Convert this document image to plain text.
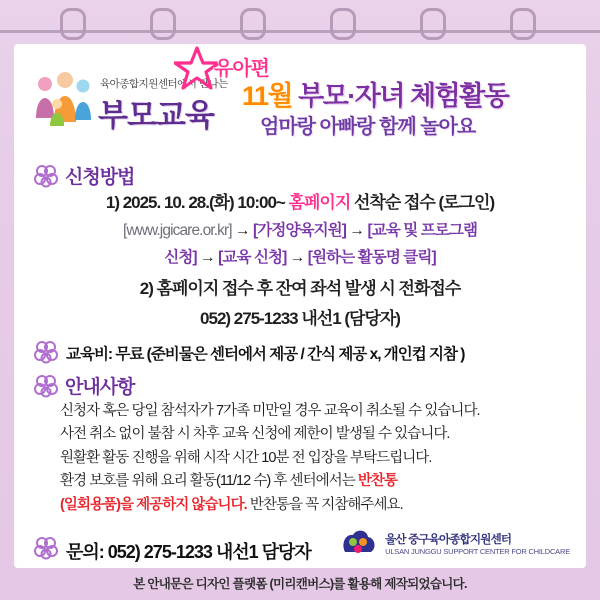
육아종합지원센터에서 만나는
부모교육
유아편
11월 부모·자녀 체험활동
엄마랑 아빠랑 함께 놀아요
신청방법
1) 2025. 10. 28.(화) 10:00~ 홈페이지 선착순 접수 (로그인)
[www.jgicare.or.kr] → [가정양육지원] → [교육 및 프로그램
신청] → [교육 신청] → [원하는 활동명 클릭]
2) 홈페이지 접수 후 잔여 좌석 발생 시 전화접수
052) 275-1233 내선1 (담당자)
교육비: 무료 (준비물은 센터에서 제공 / 간식 제공 x, 개인컵 지참 )
안내사항
신청자 혹은 당일 참석자가 7가족 미만일 경우 교육이 취소될 수 있습니다.
사전 취소 없이 불참 시 차후 교육 신청에 제한이 발생될 수 있습니다.
원활환 활동 진행을 위해 시작 시간 10분 전 입장을 부탁드립니다.
환경 보호를 위해 요리 활동(11/12 수) 후 센터에서는 반찬통
(일회용품)을 제공하지 않습니다. 반찬통을 꼭 지참해주세요.
문의: 052) 275-1233 내선1 담당자
울산 중구육아종합지원센터
ULSAN JUNGGU SUPPORT CENTER FOR CHILDCARE
본 안내문은 디자인 플랫폼 (미리캔버스)를 활용해 제작되었습니다.
